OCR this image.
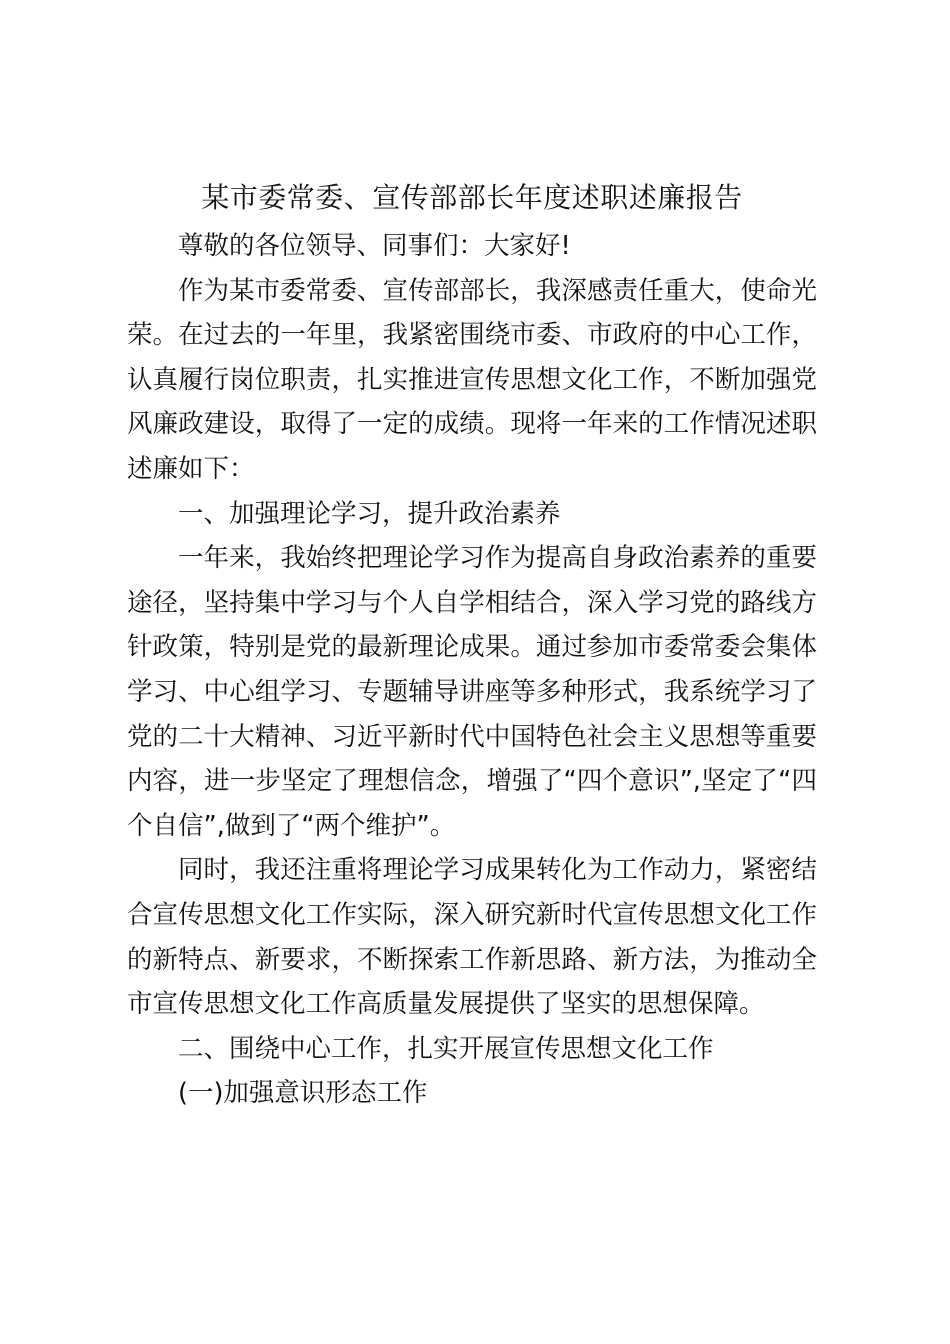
某市委常委、宣传部部长年度述职述廉报告

尊敬的各位领导、同事们：大家好!

作为某市委常委、宣传部部长，我深感责任重大，使命光荣。在过去的一年里，我紧密围绕市委、市政府的中心工作，认真履行岗位职责，扎实推进宣传思想文化工作，不断加强党风廉政建设，取得了一定的成绩。现将一年来的工作情况述职述廉如下：

一、加强理论学习，提升政治素养

一年来，我始终把理论学习作为提高自身政治素养的重要途径，坚持集中学习与个人自学相结合，深入学习党的路线方针政策，特别是党的最新理论成果。通过参加市委常委会集体学习、中心组学习、专题辅导讲座等多种形式，我系统学习了党的二十大精神、习近平新时代中国特色社会主义思想等重要内容，进一步坚定了理想信念，增强了“四个意识”,坚定了“四个自信”,做到了“两个维护”。

同时，我还注重将理论学习成果转化为工作动力，紧密结合宣传思想文化工作实际，深入研究新时代宣传思想文化工作的新特点、新要求，不断探索工作新思路、新方法，为推动全市宣传思想文化工作高质量发展提供了坚实的思想保障。

二、围绕中心工作，扎实开展宣传思想文化工作

(一)加强意识形态工作
